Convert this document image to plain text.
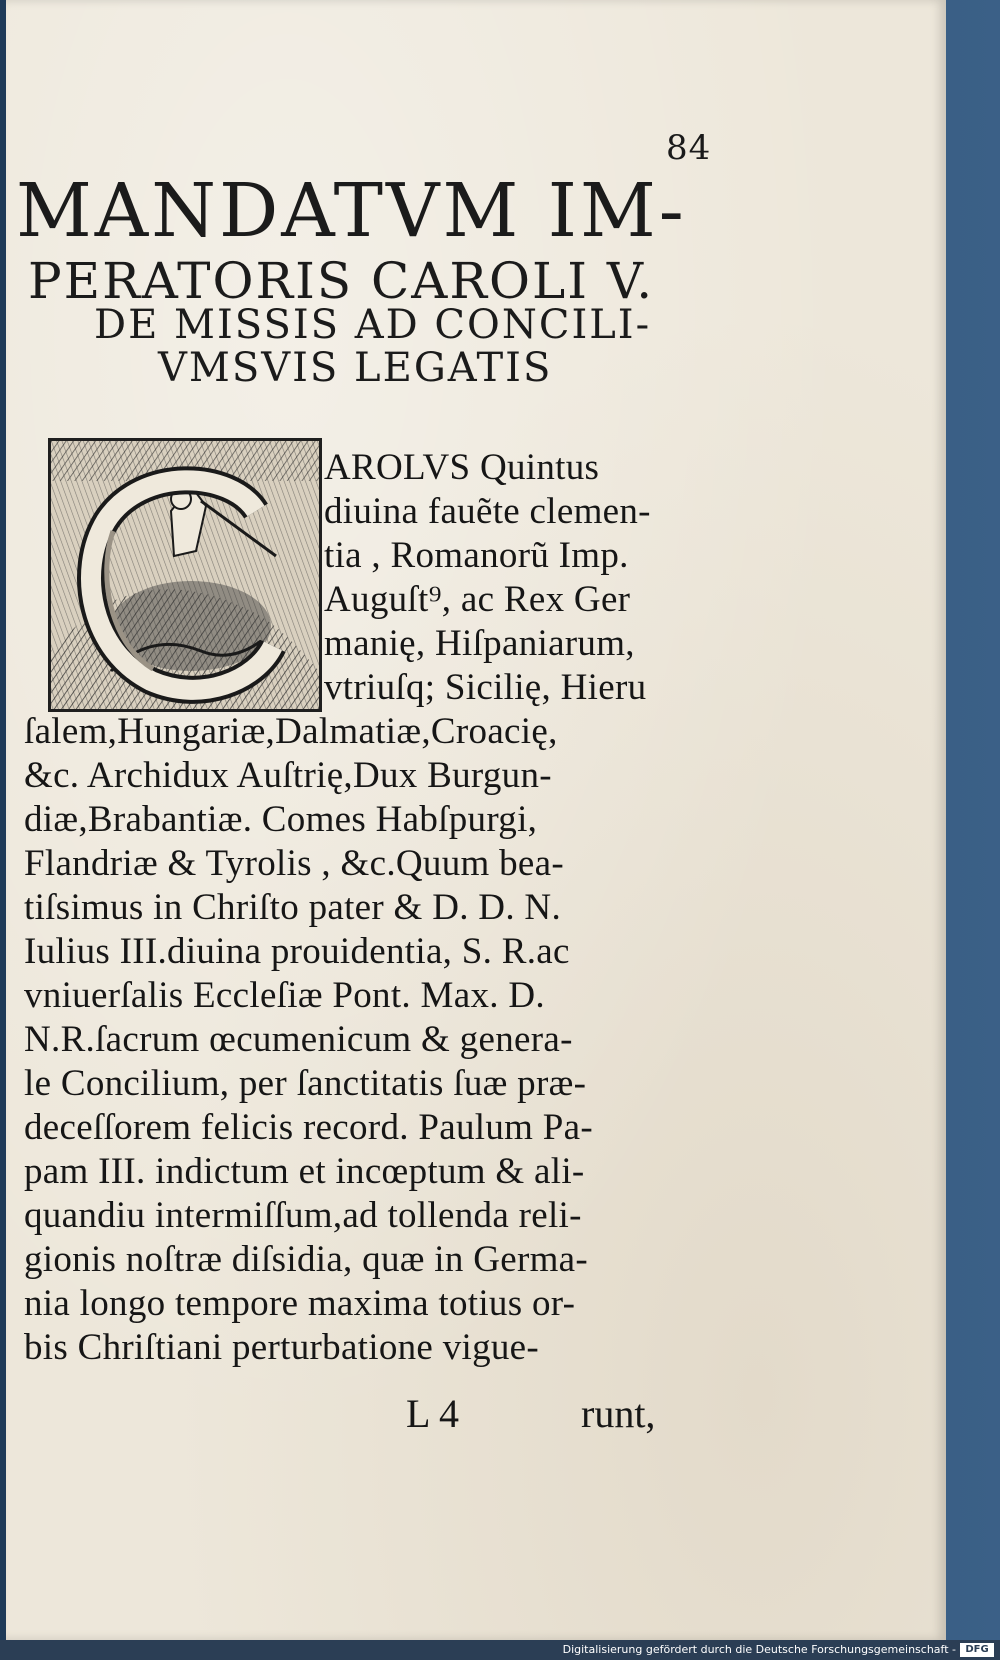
84
MANDATVM IM-
PERATORIS CAROLI V.
DE MISSIS AD CONCILI-
VMSVIS LEGATIS
AROLVS Quintus
diuina fauẽte clemen-
tia , Romanorũ Imp.
Auguſt⁹, ac Rex Ger
manię, Hiſpaniarum,
vtriuſq; Sicilię, Hieru
ſalem,Hungariæ,Dalmatiæ,Croacię,
&c. Archidux Auſtrię,Dux Burgun-
diæ,Brabantiæ. Comes Habſpurgi,
Flandriæ & Tyrolis , &c.Quum bea-
tiſsimus in Chriſto pater & D. D. N.
Iulius III.diuina prouidentia, S. R.ac
vniuerſalis Eccleſiæ Pont. Max. D.
N.R.ſacrum œcumenicum & genera-
le Concilium, per ſanctitatis ſuæ præ-
deceſſorem felicis record. Paulum Pa-
pam III. indictum et incœptum & ali-
quandiu intermiſſum,ad tollenda reli-
gionis noſtræ diſsidia, quæ in Germa-
nia longo tempore maxima totius or-
bis Chriſtiani perturbatione vigue-
L 4	runt,
Digitalisierung gefördert durch die Deutsche Forschungsgemeinschaft - DFG
